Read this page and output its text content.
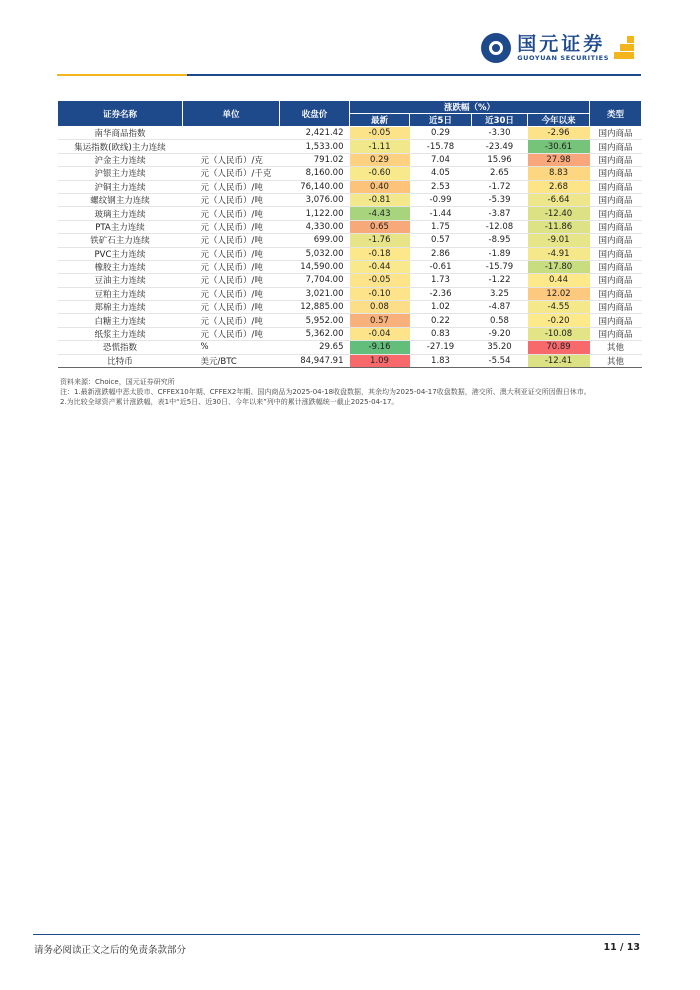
国元证券
GUOYUAN SECURITIES
证券名称	单位	收盘价	涨跌幅（%）				类型
			最新	近5日	近30日	今年以来	
南华商品指数		2,421.42	-0.05	0.29	-3.30	-2.96	国内商品
集运指数(欧线)主力连续		1,533.00	-1.11	-15.78	-23.49	-30.61	国内商品
沪金主力连续	元（人民币）/克	791.02	0.29	7.04	15.96	27.98	国内商品
沪银主力连续	元（人民币）/千克	8,160.00	-0.60	4.05	2.65	8.83	国内商品
沪铜主力连续	元（人民币）/吨	76,140.00	0.40	2.53	-1.72	2.68	国内商品
螺纹钢主力连续	元（人民币）/吨	3,076.00	-0.81	-0.99	-5.39	-6.64	国内商品
玻璃主力连续	元（人民币）/吨	1,122.00	-4.43	-1.44	-3.87	-12.40	国内商品
PTA主力连续	元（人民币）/吨	4,330.00	0.65	1.75	-12.08	-11.86	国内商品
铁矿石主力连续	元（人民币）/吨	699.00	-1.76	0.57	-8.95	-9.01	国内商品
PVC主力连续	元（人民币）/吨	5,032.00	-0.18	2.86	-1.89	-4.91	国内商品
橡胶主力连续	元（人民币）/吨	14,590.00	-0.44	-0.61	-15.79	-17.80	国内商品
豆油主力连续	元（人民币）/吨	7,704.00	-0.05	1.73	-1.22	0.44	国内商品
豆粕主力连续	元（人民币）/吨	3,021.00	-0.10	-2.36	3.25	12.02	国内商品
郑棉主力连续	元（人民币）/吨	12,885.00	0.08	1.02	-4.87	-4.55	国内商品
白糖主力连续	元（人民币）/吨	5,952.00	0.57	0.22	0.58	-0.20	国内商品
纸浆主力连续	元（人民币）/吨	5,362.00	-0.04	0.83	-9.20	-10.08	国内商品
恐慌指数	%	29.65	-9.16	-27.19	35.20	70.89	其他
比特币	美元/BTC	84,947.91	1.09	1.83	-5.54	-12.41	其他
资料来源：Choice，国元证券研究所
注：1.最新涨跌幅中恶太股市、CFFEX10年期、CFFEX2年期、国内商品为2025-04-18收盘数据，其余均为2025-04-17收盘数据，港交所、澳大利亚证交所因假日休市。
2.为比较全球资产累计涨跌幅，表1中“近5日、近30日、今年以来”列中的累计涨跌幅统一截止2025-04-17。
请务必阅读正文之后的免责条款部分	11 / 13
